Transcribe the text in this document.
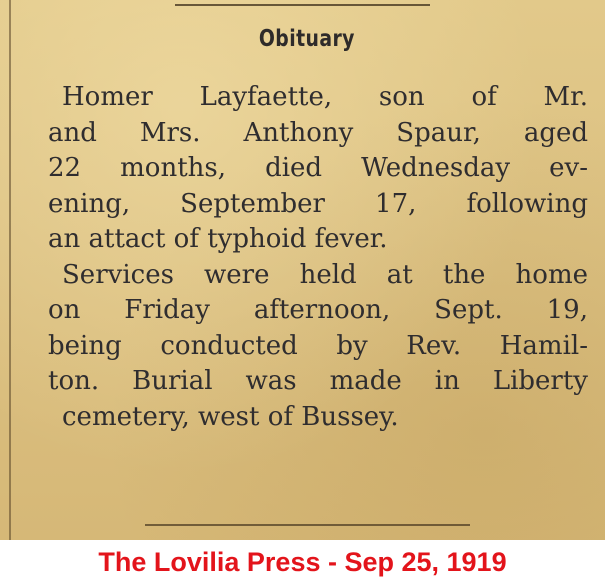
Obituary
Homer Layfaette, son of Mr.
and Mrs. Anthony Spaur, aged
22 months, died Wednesday ev-
ening, September 17, following
an attact of typhoid fever.
Services were held at the home
on Friday afternoon, Sept. 19,
being conducted by Rev. Hamil-
ton. Burial was made in Liberty
cemetery, west of Bussey.
The Lovilia Press - Sep 25, 1919
